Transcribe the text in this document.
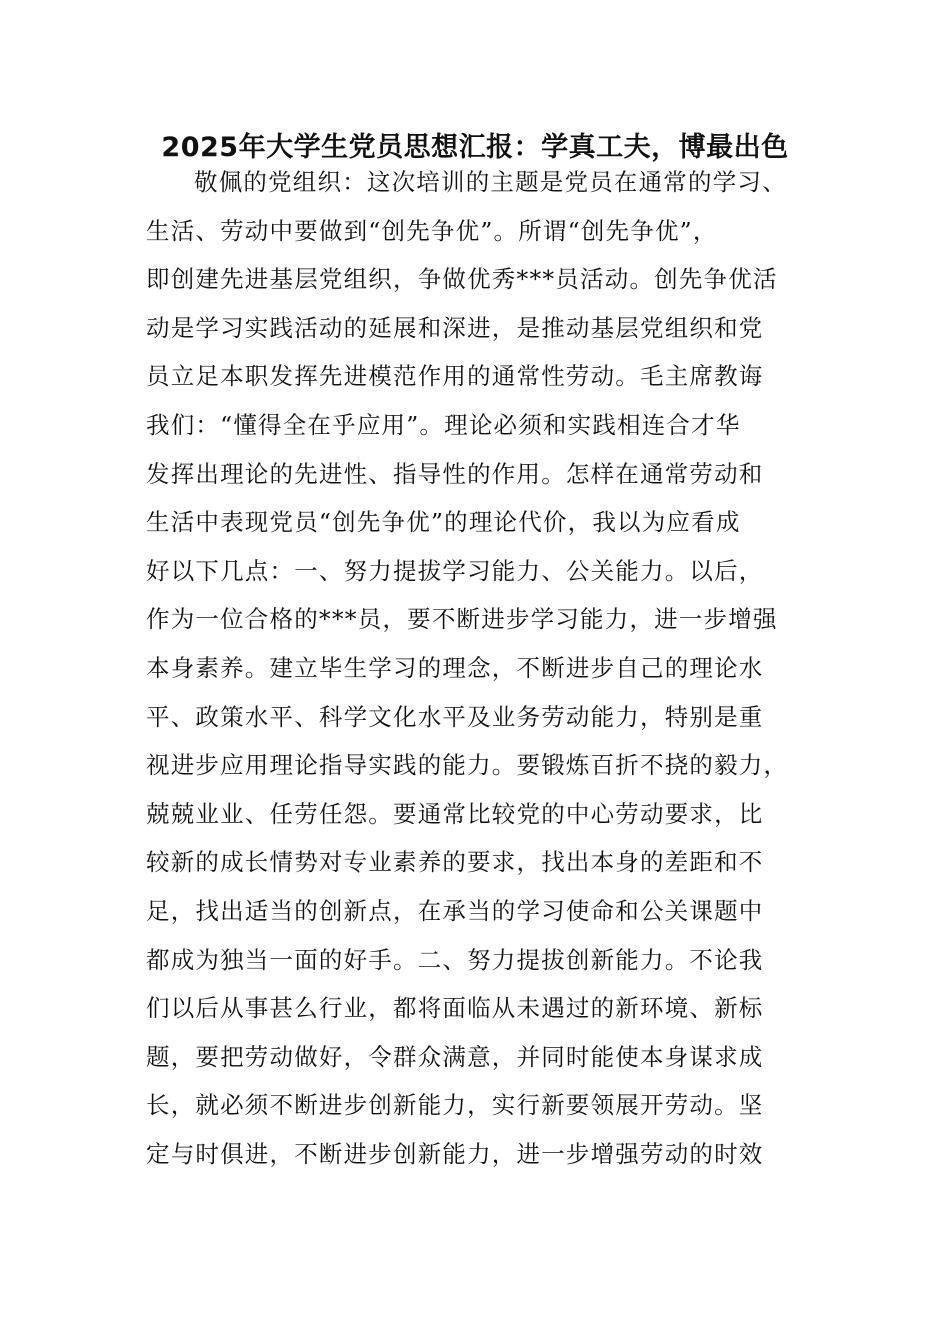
2025年大学生党员思想汇报：学真工夫，博最出色
敬佩的党组织：这次培训的主题是党员在通常的学习、
生活、劳动中要做到“创先争优”。所谓“创先争优”，
即创建先进基层党组织，争做优秀***员活动。创先争优活
动是学习实践活动的延展和深进，是推动基层党组织和党
员立足本职发挥先进模范作用的通常性劳动。毛主席教诲
我们：“懂得全在乎应用”。理论必须和实践相连合才华
发挥出理论的先进性、指导性的作用。怎样在通常劳动和
生活中表现党员“创先争优”的理论代价，我以为应看成
好以下几点：一、努力提拔学习能力、公关能力。以后，
作为一位合格的***员，要不断进步学习能力，进一步增强
本身素养。建立毕生学习的理念，不断进步自己的理论水
平、政策水平、科学文化水平及业务劳动能力，特别是重
视进步应用理论指导实践的能力。要锻炼百折不挠的毅力，
兢兢业业、任劳任怨。要通常比较党的中心劳动要求，比
较新的成长情势对专业素养的要求，找出本身的差距和不
足，找出适当的创新点，在承当的学习使命和公关课题中
都成为独当一面的好手。二、努力提拔创新能力。不论我
们以后从事甚么行业，都将面临从未遇过的新环境、新标
题，要把劳动做好，令群众满意，并同时能使本身谋求成
长，就必须不断进步创新能力，实行新要领展开劳动。坚
定与时俱进，不断进步创新能力，进一步增强劳动的时效
